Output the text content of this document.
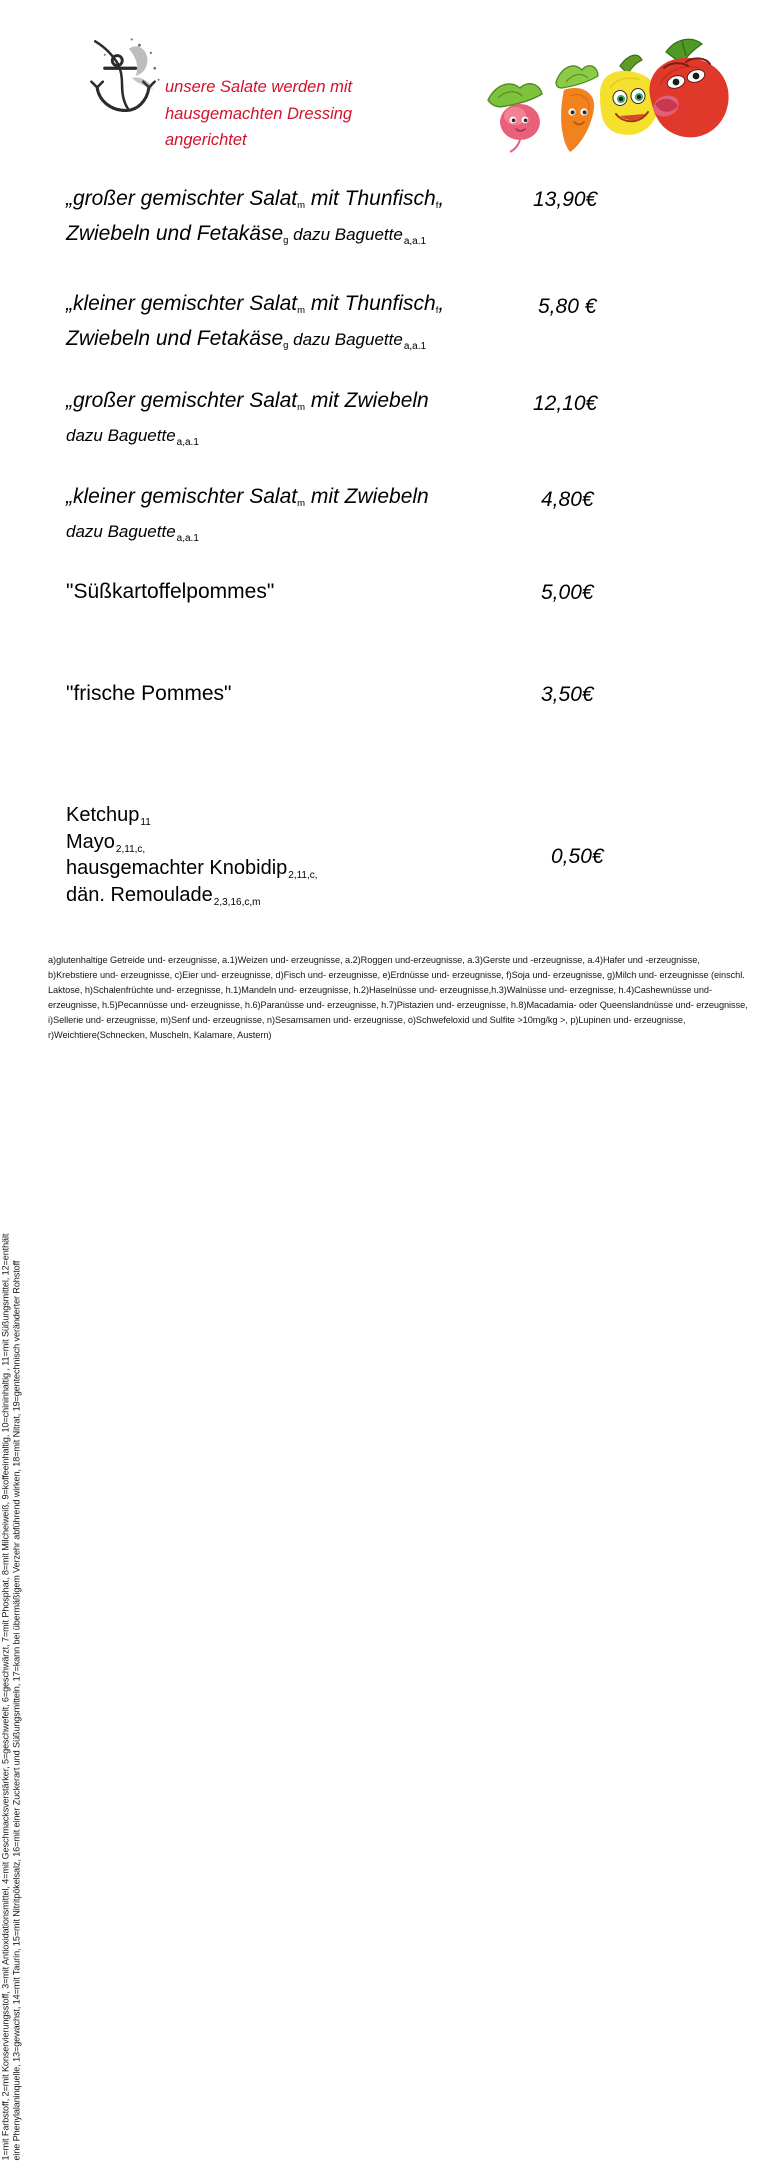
1=mit Farbstoff, 2=mit Konservierungsstoff, 3=mit Antioxidationsmittel, 4=mit Geschmacksverstärker, 5=geschwefelt, 6=geschwärzt, 7=mit Phosphat, 8=mit Milcheiweiß, 9=koffeeinhaltig, 10=chininhaltig , 11=mit Süßungsmittel, 12=enthält eine Phenylalaninquelle, 13=gewachst, 14=mit Taurin, 15=mit Nitritpökelsalz, 16=mit einer Zuckerart und Süßungsmitteln, 17=kann bei übermäßigem Verzehr abführend wirken, 18=mit Nitrat, 19=gentechnisch veränderter Rohstoff
unsere Salate werden mit
hausgemachten Dressing
angerichtet
„großer gemischter Salat$_m$ mit Thunfisch$_f$,
Zwiebeln und Fetakäse$_g$ dazu Baguette$_{a,a.1}$
13,90€
„kleiner gemischter Salat$_m$ mit Thunfisch$_f$,
Zwiebeln und Fetakäse$_g$ dazu Baguette$_{a,a.1}$
5,80 €
„großer gemischter Salat$_m$ mit Zwiebeln
dazu Baguette$_{a,a.1}$
12,10€
„kleiner gemischter Salat$_m$ mit Zwiebeln
dazu Baguette$_{a,a.1}$
4,80€
"Süßkartoffelpommes"	5,00€
"frische Pommes"	3,50€
Ketchup$_{11}$
Mayo$_{2,11,c,}$
hausgemachter Knobidip$_{2,11,c,}$
dän. Remoulade$_{2,3,16,c,m}$
0,50€

a)glutenhaltige Getreide und- erzeugnisse, a.1)Weizen und- erzeugnisse, a.2)Roggen und-erzeugnisse, a.3)Gerste und -erzeugnisse, a.4)Hafer und -erzeugnisse,

b)Krebstiere und- erzeugnisse, c)Eier und- erzeugnisse, d)Fisch und- erzeugnisse, e)Erdnüsse und- erzeugnisse, f)Soja und- erzeugnisse, g)Milch und- erzeugnisse (einschl.

Laktose, h)Schalenfrüchte und- erzegnisse, h.1)Mandeln und- erzeugnisse, h.2)Haselnüsse und- erzeugnisse,h.3)Walnüsse und- erzegnisse, h.4)Cashewnüsse und-

erzeugnisse, h.5)Pecannüsse und- erzeugnisse, h.6)Paranüsse und- erzeugnisse, h.7)Pistazien und- erzeugnisse, h.8)Macadamia- oder Queenslandnüsse und- erzeugnisse,

i)Sellerie und- erzeugnisse, m)Senf und- erzeugnisse, n)Sesamsamen und- erzeugnisse, o)Schwefeloxid und Sulfite >10mg/kg >, p)Lupinen und- erzeugnisse,

r)Weichtiere(Schnecken, Muscheln, Kalamare, Austern)
